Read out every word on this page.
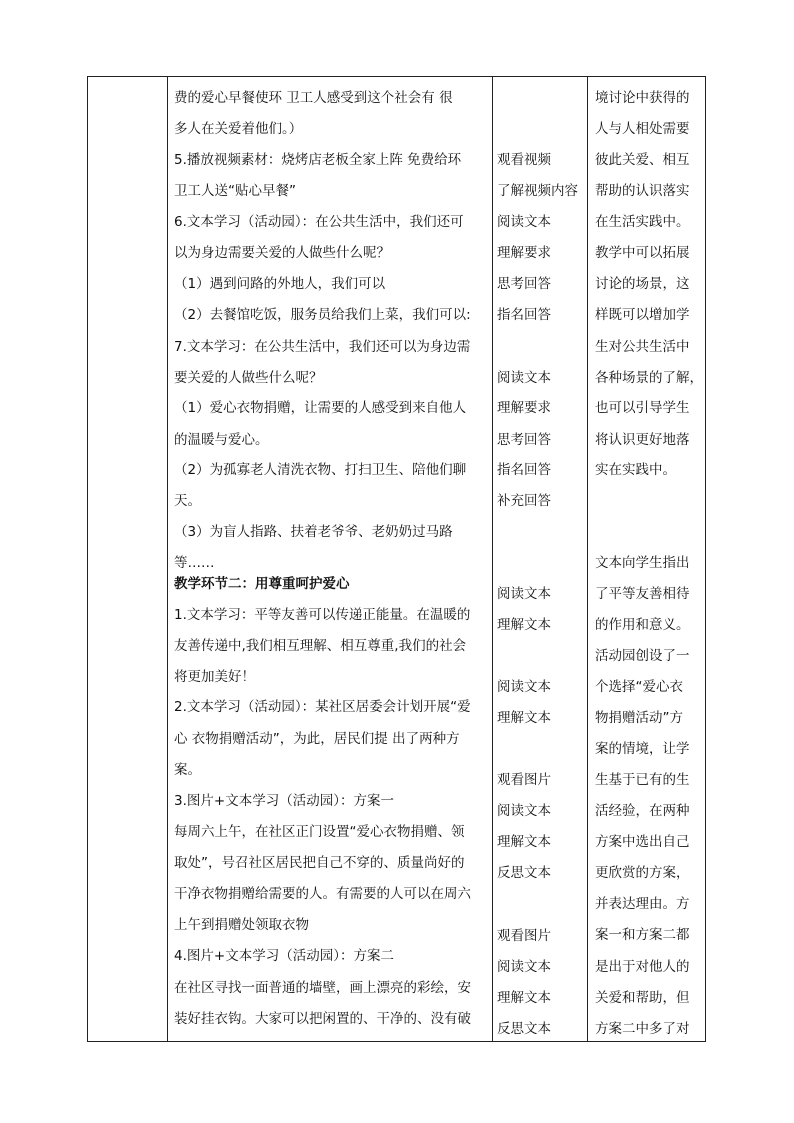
费的爱心早餐使环 卫工人感受到这个社会有 很
多人在关爱着他们。）
5.播放视频素材：烧烤店老板全家上阵 免费给环
卫工人送“贴心早餐”
6.文本学习（活动园）：在公共生活中，我们还可
以为身边需要关爱的人做些什么呢？
（1）遇到问路的外地人，我们可以
（2）去餐馆吃饭，服务员给我们上菜，我们可以:
7.文本学习：在公共生活中，我们还可以为身边需
要关爱的人做些什么呢？
（1）爱心衣物捐赠，让需要的人感受到来自他人
的温暖与爱心。
（2）为孤寡老人清洗衣物、打扫卫生、陪他们聊
天。
（3）为盲人指路、扶着老爷爷、老奶奶过马路
等……
教学环节二：用尊重呵护爱心
1.文本学习：平等友善可以传递正能量。在温暖的
友善传递中,我们相互理解、相互尊重,我们的社会
将更加美好！
2.文本学习（活动园）：某社区居委会计划开展“爱
心 衣物捐赠活动”，为此，居民们提 出了两种方
案。
3.图片+文本学习（活动园）：方案一
每周六上午，在社区正门设置“爱心衣物捐赠、领
取处”，号召社区居民把自己不穿的、质量尚好的
干净衣物捐赠给需要的人。有需要的人可以在周六
上午到捐赠处领取衣物
4.图片+文本学习（活动园）：方案二
在社区寻找一面普通的墙壁，画上漂亮的彩绘，安
装好挂衣钩。大家可以把闲置的、干净的、没有破
观看视频
了解视频内容
阅读文本
理解要求
思考回答
指名回答
阅读文本
理解要求
思考回答
指名回答
补充回答
阅读文本
理解文本
阅读文本
理解文本
观看图片
阅读文本
理解文本
反思文本
观看图片
阅读文本
理解文本
反思文本
境讨论中获得的
人与人相处需要
彼此关爱、相互
帮助的认识落实
在生活实践中。
教学中可以拓展
讨论的场景，这
样既可以增加学
生对公共生活中
各种场景的了解，
也可以引导学生
将认识更好地落
实在实践中。
文本向学生指出
了平等友善相待
的作用和意义。
活动园创设了一
个选择“爱心衣
物捐赠活动”方
案的情境，让学
生基于已有的生
活经验，在两种
方案中选出自己
更欣赏的方案，
并表达理由。方
案一和方案二都
是出于对他人的
关爱和帮助，但
方案二中多了对
